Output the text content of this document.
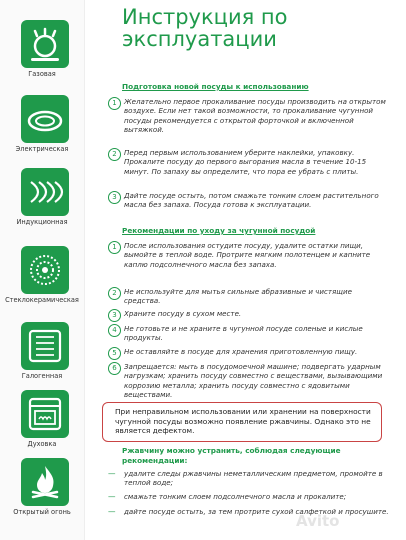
Газовая
Электрическая
Индукционная
Стеклокерамическая
Галогенная
Духовка
Открытый огонь
Инструкция по эксплуатации
Подготовка новой посуды к использованию
1	Желательно первое прокаливание посуды производить на открытом воздухе. Если нет такой возможности, то прокаливание чугунной посуды рекомендуется с открытой форточкой и включенной вытяжкой.
2	Перед первым использованием уберите наклейки, упаковку. Прокалите посуду до первого выгорания масла в течение 10-15 минут. По запаху вы определите, что пора ее убрать с плиты.
3	Дайте посуде остыть, потом смажьте тонким слоем растительного масла без запаха. Посуда готова к эксплуатации.
Рекомендации по уходу за чугунной посудой
1	После использования остудите посуду, удалите остатки пищи, вымойте в теплой воде. Протрите мягким полотенцем и капните каплю подсолнечного масла без запаха.
2	Не используйте для мытья сильные абразивные и чистящие средства.
3	Храните посуду в сухом месте.
4	Не готовьте и не храните в чугунной посуде соленые и кислые продукты.
5	Не оставляйте в посуде для хранения приготовленную пищу.
6	Запрещается: мыть в посудомоечной машине; подвергать ударным нагрузкам; хранить посуду совместно с веществами, вызывающими коррозию металла; хранить посуду совместно с ядовитыми веществами.
При неправильном использовании или хранении на поверхности чугунной посуды возможно появление ржавчины. Однако это не является дефектом.
Ржавчину можно устранить, соблюдая следующие рекомендации:
— удалите следы ржавчины неметаллическим предметом, промойте в теплой воде;
— смажьте тонким слоем подсолнечного масла и прокалите;
— дайте посуде остыть, за тем протрите сухой салфеткой и просушите.
Avito
